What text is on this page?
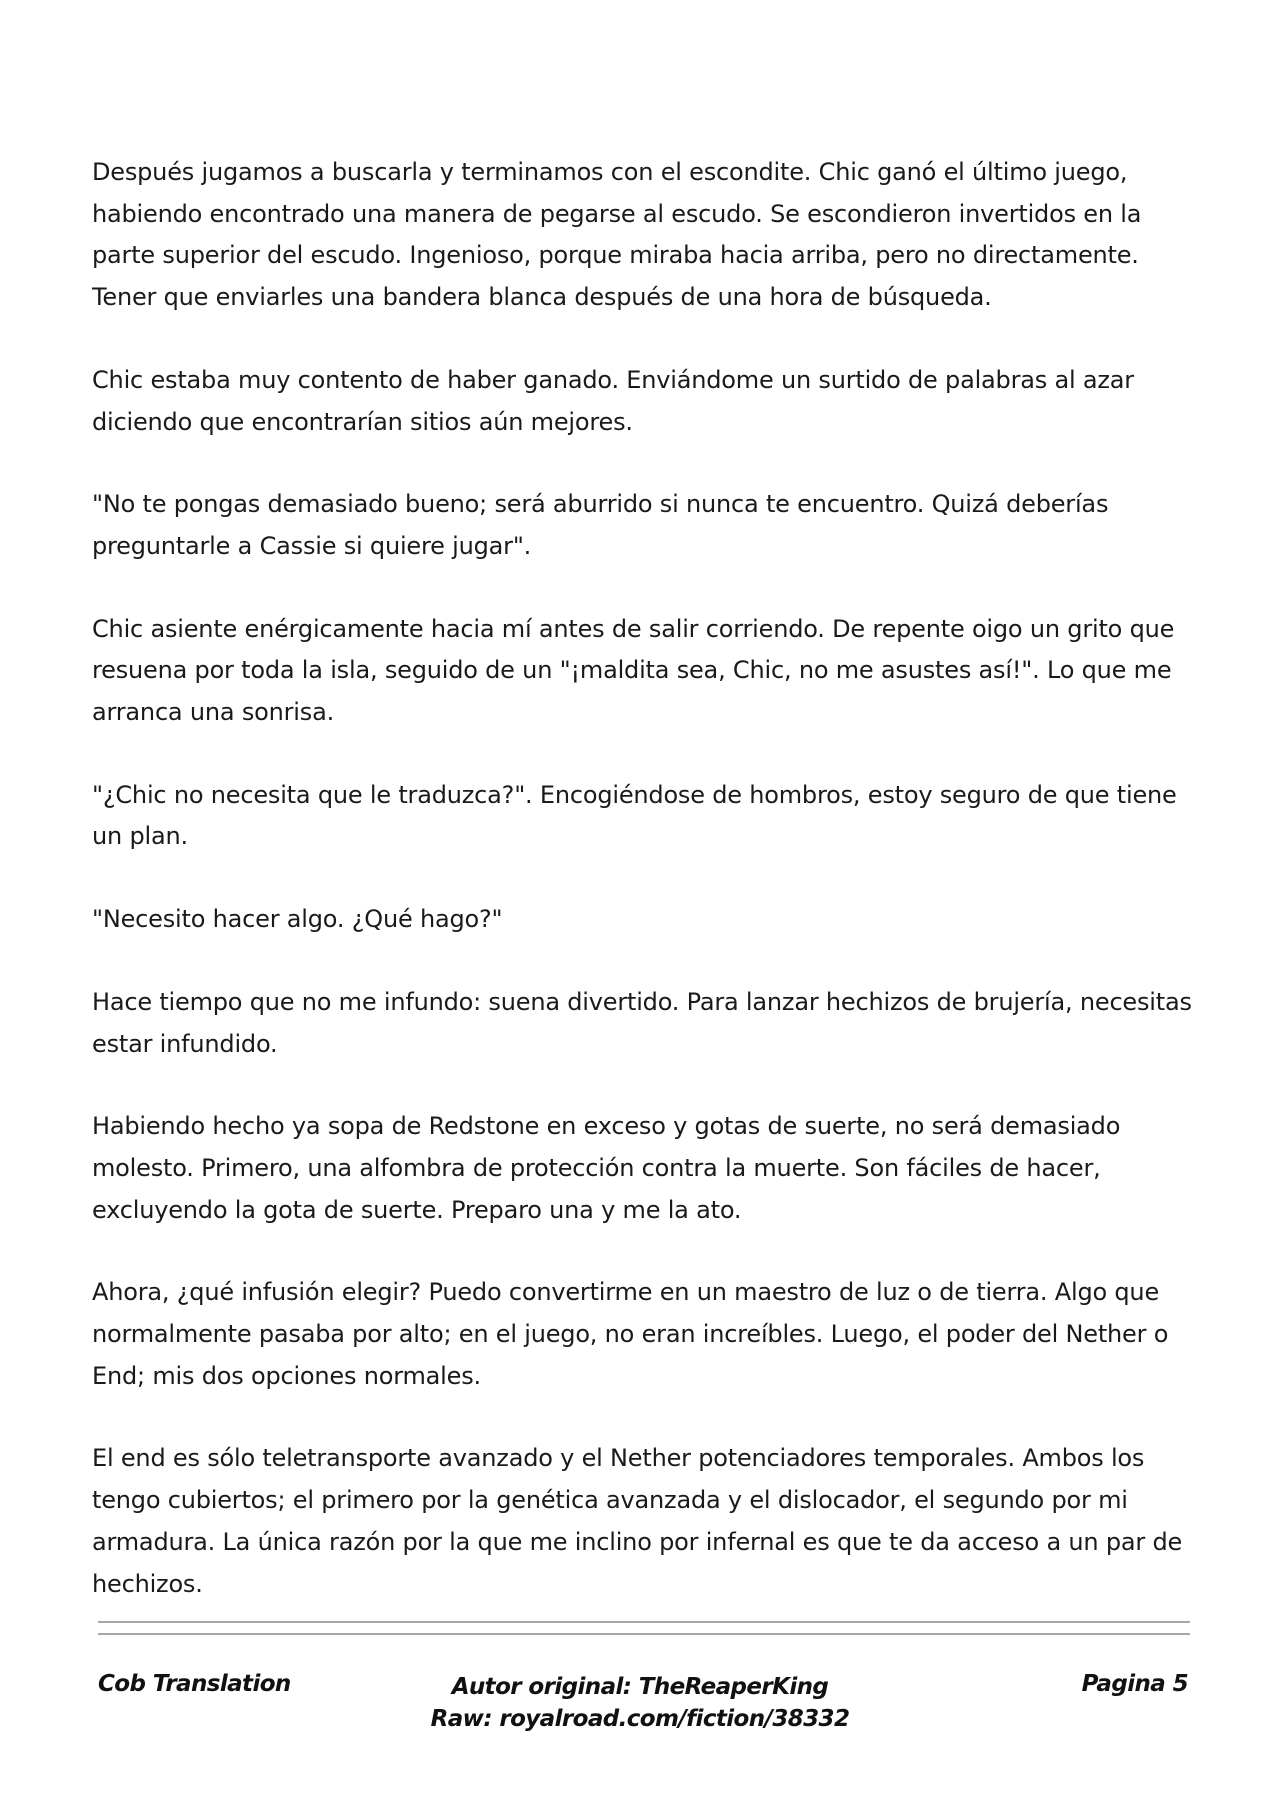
Después jugamos a buscarla y terminamos con el escondite. Chic ganó el último juego, habiendo encontrado una manera de pegarse al escudo. Se escondieron invertidos en la parte superior del escudo. Ingenioso, porque miraba hacia arriba, pero no directamente. Tener que enviarles una bandera blanca después de una hora de búsqueda.

Chic estaba muy contento de haber ganado. Enviándome un surtido de palabras al azar diciendo que encontrarían sitios aún mejores.

"No te pongas demasiado bueno; será aburrido si nunca te encuentro. Quizá deberías preguntarle a Cassie si quiere jugar".

Chic asiente enérgicamente hacia mí antes de salir corriendo. De repente oigo un grito que resuena por toda la isla, seguido de un "¡maldita sea, Chic, no me asustes así!". Lo que me arranca una sonrisa.

"¿Chic no necesita que le traduzca?". Encogiéndose de hombros, estoy seguro de que tiene un plan.

"Necesito hacer algo. ¿Qué hago?"

Hace tiempo que no me infundo: suena divertido. Para lanzar hechizos de brujería, necesitas estar infundido.

Habiendo hecho ya sopa de Redstone en exceso y gotas de suerte, no será demasiado molesto. Primero, una alfombra de protección contra la muerte. Son fáciles de hacer, excluyendo la gota de suerte. Preparo una y me la ato.

Ahora, ¿qué infusión elegir? Puedo convertirme en un maestro de luz o de tierra. Algo que normalmente pasaba por alto; en el juego, no eran increíbles. Luego, el poder del Nether o End; mis dos opciones normales.

El end es sólo teletransporte avanzado y el Nether potenciadores temporales. Ambos los tengo cubiertos; el primero por la genética avanzada y el dislocador, el segundo por mi armadura. La única razón por la que me inclino por infernal es que te da acceso a un par de hechizos.

Cob Translation	Autor original: TheReaperKing
Raw: royalroad.com/fiction/38332
Pagina 5
